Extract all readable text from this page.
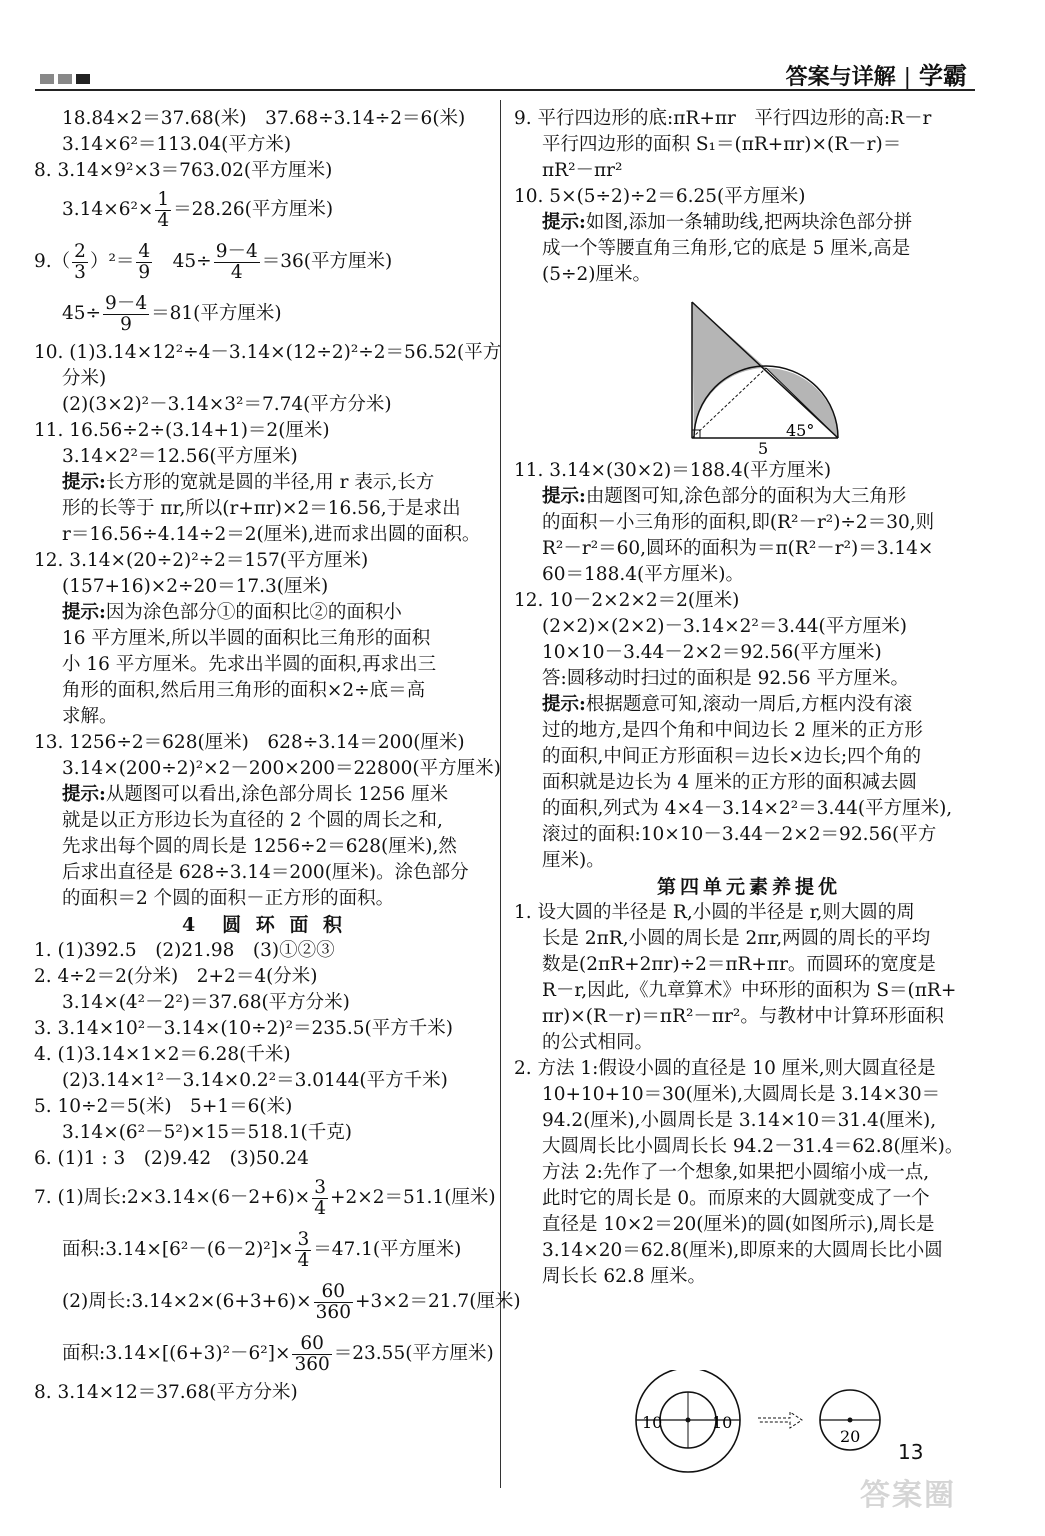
答案与详解 | 学霸
18.84×2＝37.68(米)　37.68÷3.14÷2＝6(米)
3.14×6²＝113.04(平方米)
8. 3.14×9²×3＝763.02(平方厘米)
$3.14\times 6^2\times \frac{1}{4} =28.26$(平方厘米)
$9.( \frac{2}{3} )^2= \frac{4}{9}$ 　$45\div \frac{9-4}{4} =36$(平方厘米)
$45\div \frac{9-4}{9} =81$(平方厘米)
10. (1)3.14×12²÷4－3.14×(12÷2)²÷2＝56.52(平方
分米)
(2)(3×2)²－3.14×3²＝7.74(平方分米)
11. 16.56÷2÷(3.14+1)＝2(厘米)
3.14×2²＝12.56(平方厘米)
提示:长方形的宽就是圆的半径,用 r 表示,长方
形的长等于 πr,所以(r+πr)×2＝16.56,于是求出
r＝16.56÷4.14÷2＝2(厘米),进而求出圆的面积。
12. 3.14×(20÷2)²÷2＝157(平方厘米)
(157+16)×2÷20＝17.3(厘米)
提示:因为涂色部分①的面积比②的面积小
16 平方厘米,所以半圆的面积比三角形的面积
小 16 平方厘米。先求出半圆的面积,再求出三
角形的面积,然后用三角形的面积×2÷底＝高
求解。
13. 1256÷2＝628(厘米)　628÷3.14＝200(厘米)
3.14×(200÷2)²×2－200×200＝22800(平方厘米)
提示:从题图可以看出,涂色部分周长 1256 厘米
就是以正方形边长为直径的 2 个圆的周长之和,
先求出每个圆的周长是 1256÷2＝628(厘米),然
后求出直径是 628÷3.14＝200(厘米)。涂色部分
的面积＝2 个圆的面积－正方形的面积。
4　圆 环 面 积
1. (1)392.5　(2)21.98　(3)①②③
2. 4÷2＝2(分米)　2+2＝4(分米)
3.14×(4²－2²)＝37.68(平方分米)
3. 3.14×10²－3.14×(10÷2)²＝235.5(平方千米)
4. (1)3.14×1×2＝6.28(千米)
(2)3.14×1²－3.14×0.2²＝3.0144(平方千米)
5. 10÷2＝5(米)　5+1＝6(米)
3.14×(6²－5²)×15＝518.1(千克)
6. (1)1 : 3　(2)9.42　(3)50.24
7. (1)周长:2×3.14×(6－2+6)× $\frac{3}{4} +2\times 2=51.1$(厘米)
面积:3.14×[6²－(6－2)²]× $\frac{3}{4} =47.1$(平方厘米)
(2)周长:3.14×2×(6+3+6)× $\frac{60}{360} +3\times 2=21.7$(厘米)
面积:3.14×[(6+3)²－6²]× $\frac{60}{360} =23.55$(平方厘米)
8. 3.14×12＝37.68(平方分米)
9. 平行四边形的底:πR+πr　平行四边形的高:R－r
平行四边形的面积 S₁＝(πR+πr)×(R－r)＝
πR²－πr²
10. 5×(5÷2)÷2＝6.25(平方厘米)
提示:如图,添加一条辅助线,把两块涂色部分拼
成一个等腰直角三角形,它的底是 5 厘米,高是
(5÷2)厘米。
11. 3.14×(30×2)＝188.4(平方厘米)
提示:由题图可知,涂色部分的面积为大三角形
的面积－小三角形的面积,即(R²－r²)÷2＝30,则
R²－r²＝60,圆环的面积为＝π(R²－r²)＝3.14×
60＝188.4(平方厘米)。
12. 10－2×2×2＝2(厘米)
(2×2)×(2×2)－3.14×2²＝3.44(平方厘米)
10×10－3.44－2×2＝92.56(平方厘米)
答:圆移动时扫过的面积是 92.56 平方厘米。
提示:根据题意可知,滚动一周后,方框内没有滚
过的地方,是四个角和中间边长 2 厘米的正方形
的面积,中间正方形面积＝边长×边长;四个角的
面积就是边长为 4 厘米的正方形的面积减去圆
的面积,列式为 4×4－3.14×2²＝3.44(平方厘米),
滚过的面积:10×10－3.44－2×2＝92.56(平方
厘米)。
第四单元素养提优
1. 设大圆的半径是 R,小圆的半径是 r,则大圆的周
长是 2πR,小圆的周长是 2πr,两圆的周长的平均
数是(2πR+2πr)÷2＝πR+πr。而圆环的宽度是
R－r,因此,《九章算术》中环形的面积为 S＝(πR+
πr)×(R－r)＝πR²－πr²。与教材中计算环形面积
的公式相同。
2. 方法 1:假设小圆的直径是 10 厘米,则大圆直径是
10+10+10＝30(厘米),大圆周长是 3.14×30＝
94.2(厘米),小圆周长是 3.14×10＝31.4(厘米),
大圆周长比小圆周长长 94.2－31.4＝62.8(厘米)。
方法 2:先作了一个想象,如果把小圆缩小成一点,
此时它的周长是 0。而原来的大圆就变成了一个
直径是 10×2＝20(厘米)的圆(如图所示),周长是
3.14×20＝62.8(厘米),即原来的大圆周长比小圆
周长长 62.8 厘米。
45°
5
10	10
20
13
答案圈
